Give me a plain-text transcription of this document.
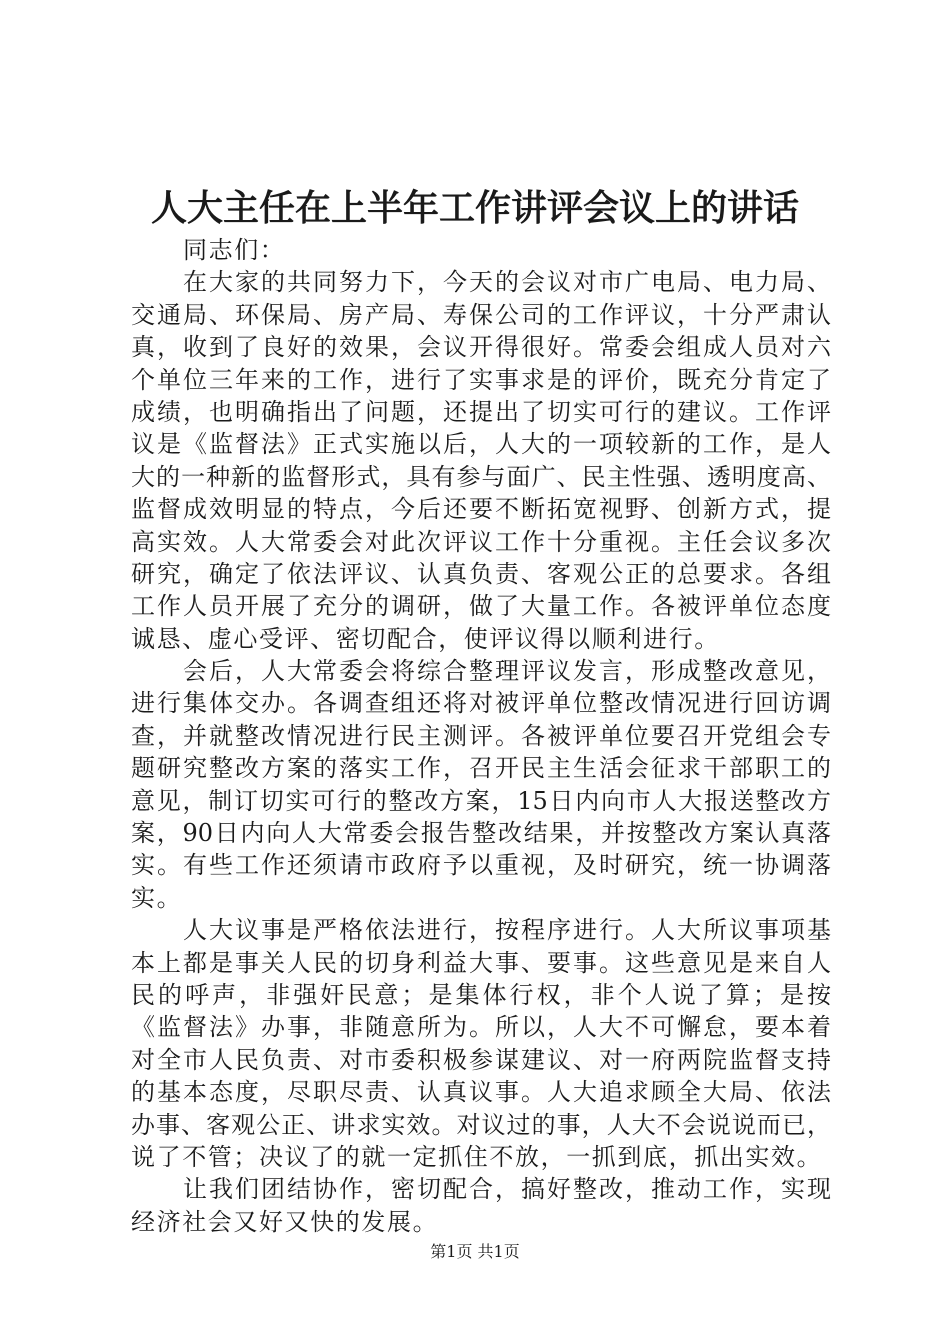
人大主任在上半年工作讲评会议上的讲话
同志们：
在大家的共同努力下，今天的会议对市广电局、电力局、
交通局、环保局、房产局、寿保公司的工作评议，十分严肃认
真，收到了良好的效果，会议开得很好。常委会组成人员对六
个单位三年来的工作，进行了实事求是的评价，既充分肯定了
成绩，也明确指出了问题，还提出了切实可行的建议。工作评
议是《监督法》正式实施以后，人大的一项较新的工作，是人
大的一种新的监督形式，具有参与面广、民主性强、透明度高、
监督成效明显的特点，今后还要不断拓宽视野、创新方式，提
高实效。人大常委会对此次评议工作十分重视。主任会议多次
研究，确定了依法评议、认真负责、客观公正的总要求。各组
工作人员开展了充分的调研，做了大量工作。各被评单位态度
诚恳、虚心受评、密切配合，使评议得以顺利进行。
会后，人大常委会将综合整理评议发言，形成整改意见，
进行集体交办。各调查组还将对被评单位整改情况进行回访调
查，并就整改情况进行民主测评。各被评单位要召开党组会专
题研究整改方案的落实工作，召开民主生活会征求干部职工的
意见，制订切实可行的整改方案，15日内向市人大报送整改方
案，90日内向人大常委会报告整改结果，并按整改方案认真落
实。有些工作还须请市政府予以重视，及时研究，统一协调落
实。
人大议事是严格依法进行，按程序进行。人大所议事项基
本上都是事关人民的切身利益大事、要事。这些意见是来自人
民的呼声，非强奸民意；是集体行权，非个人说了算；是按
《监督法》办事，非随意所为。所以，人大不可懈怠，要本着
对全市人民负责、对市委积极参谋建议、对一府两院监督支持
的基本态度，尽职尽责、认真议事。人大追求顾全大局、依法
办事、客观公正、讲求实效。对议过的事，人大不会说说而已，
说了不管；决议了的就一定抓住不放，一抓到底，抓出实效。
让我们团结协作，密切配合，搞好整改，推动工作，实现
经济社会又好又快的发展。
第1页 共1页
